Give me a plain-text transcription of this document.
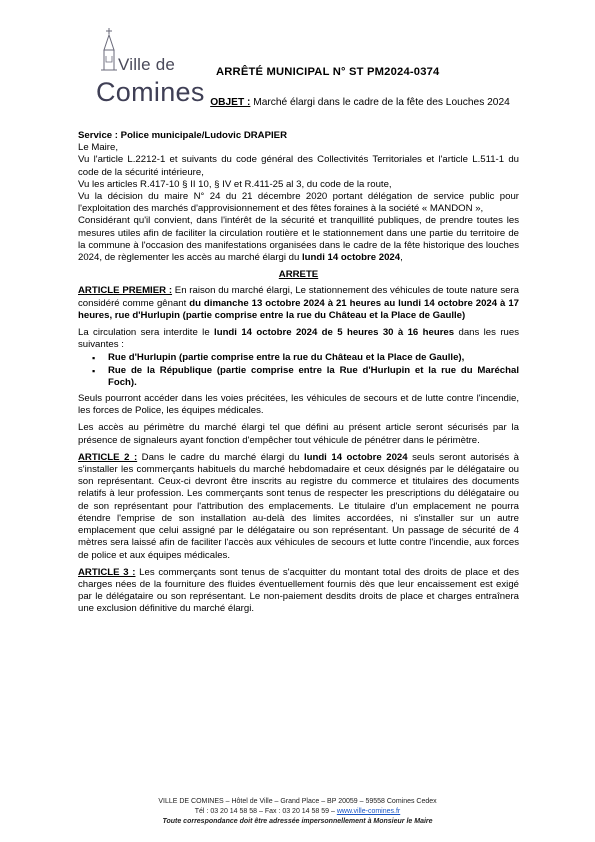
Ville de
Comines
ARRÊTÉ MUNICIPAL N° ST PM2024-0374
OBJET : Marché élargi dans le cadre de la fête des Louches 2024

Service : Police municipale/Ludovic DRAPIER

Le Maire,

Vu l'article L.2212-1 et suivants du code général des Collectivités Territoriales et l'article L.511-1 du code de la sécurité intérieure,

Vu les articles R.417-10 § II 10, § IV et R.411-25 al 3, du code de la route,

Vu la décision du maire N° 24 du 21 décembre 2020 portant délégation de service public pour l'exploitation des marchés d'approvisionnement et des fêtes foraines à la société « MANDON »,

Considérant qu'il convient, dans l'intérêt de la sécurité et tranquillité publiques, de prendre toutes les mesures utiles afin de faciliter la circulation routière et le stationnement dans une partie du territoire de la commune à l'occasion des manifestations organisées dans le cadre de la fête historique des louches 2024, de règlementer les accès au marché élargi du lundi 14 octobre 2024,

ARRETE

ARTICLE PREMIER : En raison du marché élargi, Le stationnement des véhicules de toute nature sera considéré comme gênant du dimanche 13 octobre 2024 à 21 heures au lundi 14 octobre 2024 à 17 heures, rue d'Hurlupin (partie comprise entre la rue du Château et la Place de Gaulle)

La circulation sera interdite le lundi 14 octobre 2024 de 5 heures 30 à 16 heures dans les rues suivantes :

▪ Rue d'Hurlupin (partie comprise entre la rue du Château et la Place de Gaulle),
▪ Rue de la République (partie comprise entre la Rue d'Hurlupin et la rue du Maréchal Foch).

Seuls pourront accéder dans les voies précitées, les véhicules de secours et de lutte contre l'incendie, les forces de Police, les équipes médicales.

Les accès au périmètre du marché élargi tel que défini au présent article seront sécurisés par la présence de signaleurs ayant fonction d'empêcher tout véhicule de pénétrer dans le périmètre.

ARTICLE 2 : Dans le cadre du marché élargi du lundi 14 octobre 2024 seuls seront autorisés à s'installer les commerçants habituels du marché hebdomadaire et ceux désignés par le délégataire ou son représentant. Ceux-ci devront être inscrits au registre du commerce et titulaires des documents relatifs à leur profession. Les commerçants sont tenus de respecter les prescriptions du délégataire ou de son représentant pour l'attribution des emplacements. Le titulaire d'un emplacement ne pourra étendre l'emprise de son installation au-delà des limites accordées, ni s'installer sur un autre emplacement que celui assigné par le délégataire ou son représentant. Un passage de sécurité de 4 mètres sera laissé afin de faciliter l'accès aux véhicules de secours et lutte contre l'incendie, aux forces de police et aux équipes médicales.

ARTICLE 3 : Les commerçants sont tenus de s'acquitter du montant total des droits de place et des charges nées de la fourniture des fluides éventuellement fournis dès que leur encaissement est exigé par le délégataire ou son représentant. Le non-paiement desdits droits de place et charges entraînera une exclusion définitive du marché élargi.

VILLE DE COMINES – Hôtel de Ville – Grand Place – BP 20059 – 59558 Comines Cedex
Tél : 03 20 14 58 58 – Fax : 03 20 14 58 59 – www.ville-comines.fr
Toute correspondance doit être adressée impersonnellement à Monsieur le Maire
